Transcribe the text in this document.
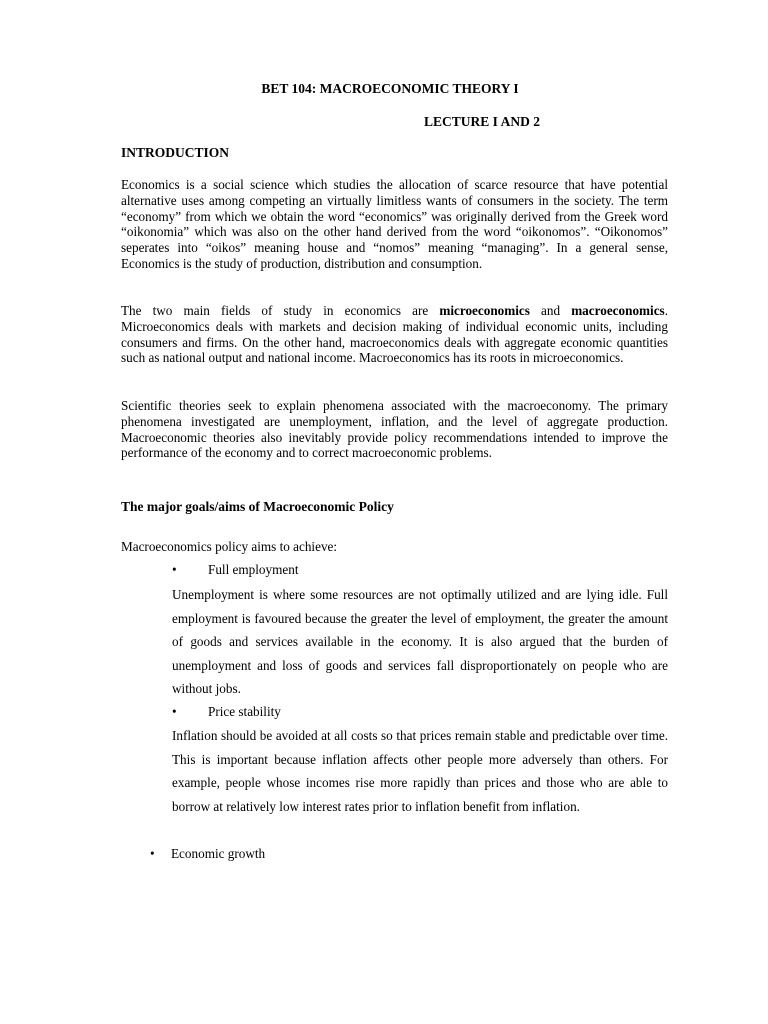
BET 104: MACROECONOMIC THEORY I
LECTURE I AND 2
INTRODUCTION

Economics is a social science which studies the allocation of scarce resource that have potential alternative uses among competing an virtually limitless wants of consumers in the society. The term “economy” from which we obtain the word “economics” was originally derived from the Greek word “oikonomia” which was also on the other hand derived from the word “oikonomos”. “Oikonomos” seperates into “oikos” meaning house and “nomos” meaning “managing”. In a general sense, Economics is the study of production, distribution and consumption.

The two main fields of study in economics are microeconomics and macroeconomics. Microeconomics deals with markets and decision making of individual economic units, including consumers and firms. On the other hand, macroeconomics deals with aggregate economic quantities such as national output and national income. Macroeconomics has its roots in microeconomics.

Scientific theories seek to explain phenomena associated with the macroeconomy. The primary phenomena investigated are unemployment, inflation, and the level of aggregate production. Macroeconomic theories also inevitably provide policy recommendations intended to improve the performance of the economy and to correct macroeconomic problems.

The major goals/aims of Macroeconomic Policy

Macroeconomics policy aims to achieve:

•	Full employment

Unemployment is where some resources are not optimally utilized and are lying idle. Full employment is favoured because the greater the level of employment, the greater the amount of goods and services available in the economy. It is also argued that the burden of unemployment and loss of goods and services fall disproportionately on people who are without jobs.

•	Price stability

Inflation should be avoided at all costs so that prices remain stable and predictable over time. This is important because inflation affects other people more adversely than others. For example, people whose incomes rise more rapidly than prices and those who are able to borrow at relatively low interest rates prior to inflation benefit from inflation.

•	Economic growth
